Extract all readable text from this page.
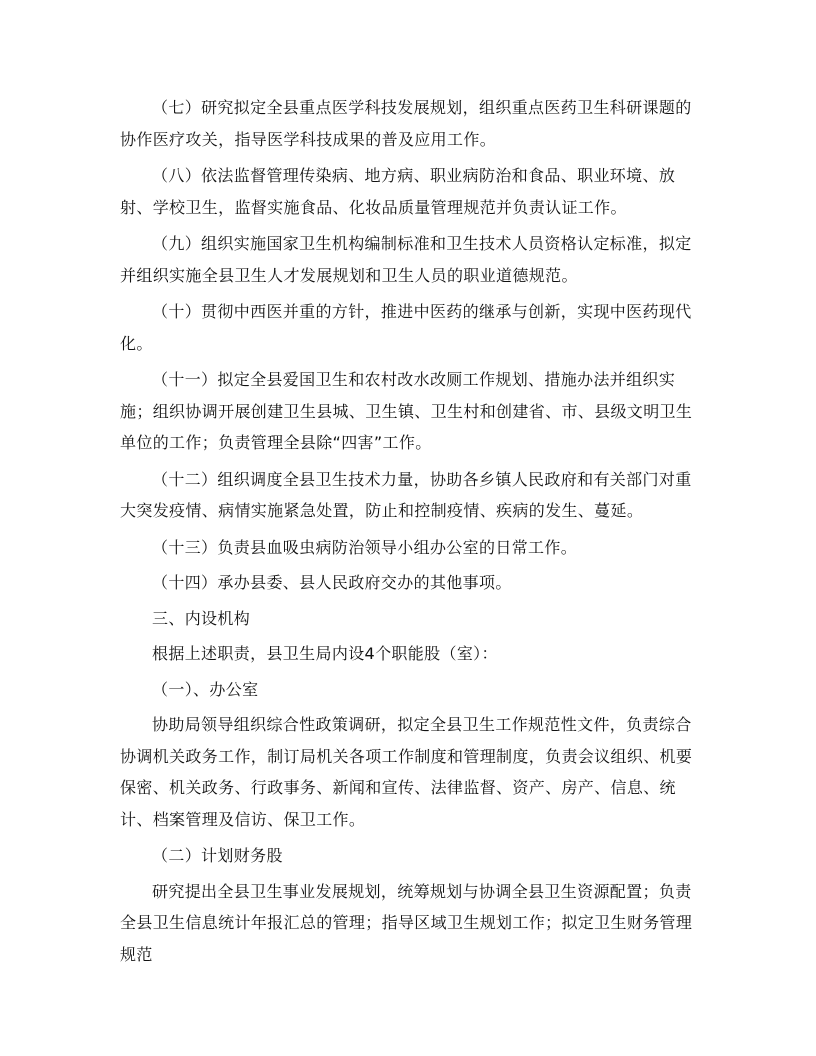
（七）研究拟定全县重点医学科技发展规划，组织重点医药卫生科研课题的协作医疗攻关，指导医学科技成果的普及应用工作。

（八）依法监督管理传染病、地方病、职业病防治和食品、职业环境、放射、学校卫生，监督实施食品、化妆品质量管理规范并负责认证工作。

（九）组织实施国家卫生机构编制标准和卫生技术人员资格认定标准，拟定并组织实施全县卫生人才发展规划和卫生人员的职业道德规范。

（十）贯彻中西医并重的方针，推进中医药的继承与创新，实现中医药现代化。

（十一）拟定全县爱国卫生和农村改水改厕工作规划、措施办法并组织实施；组织协调开展创建卫生县城、卫生镇、卫生村和创建省、市、县级文明卫生单位的工作；负责管理全县除“四害”工作。

（十二）组织调度全县卫生技术力量，协助各乡镇人民政府和有关部门对重大突发疫情、病情实施紧急处置，防止和控制疫情、疾病的发生、蔓延。

（十三）负责县血吸虫病防治领导小组办公室的日常工作。

（十四）承办县委、县人民政府交办的其他事项。

三、内设机构

根据上述职责，县卫生局内设4个职能股（室）：

（一）、办公室

协助局领导组织综合性政策调研，拟定全县卫生工作规范性文件，负责综合协调机关政务工作，制订局机关各项工作制度和管理制度，负责会议组织、机要保密、机关政务、行政事务、新闻和宣传、法律监督、资产、房产、信息、统计、档案管理及信访、保卫工作。

（二）计划财务股

研究提出全县卫生事业发展规划，统筹规划与协调全县卫生资源配置；负责全县卫生信息统计年报汇总的管理；指导区域卫生规划工作；拟定卫生财务管理规范
